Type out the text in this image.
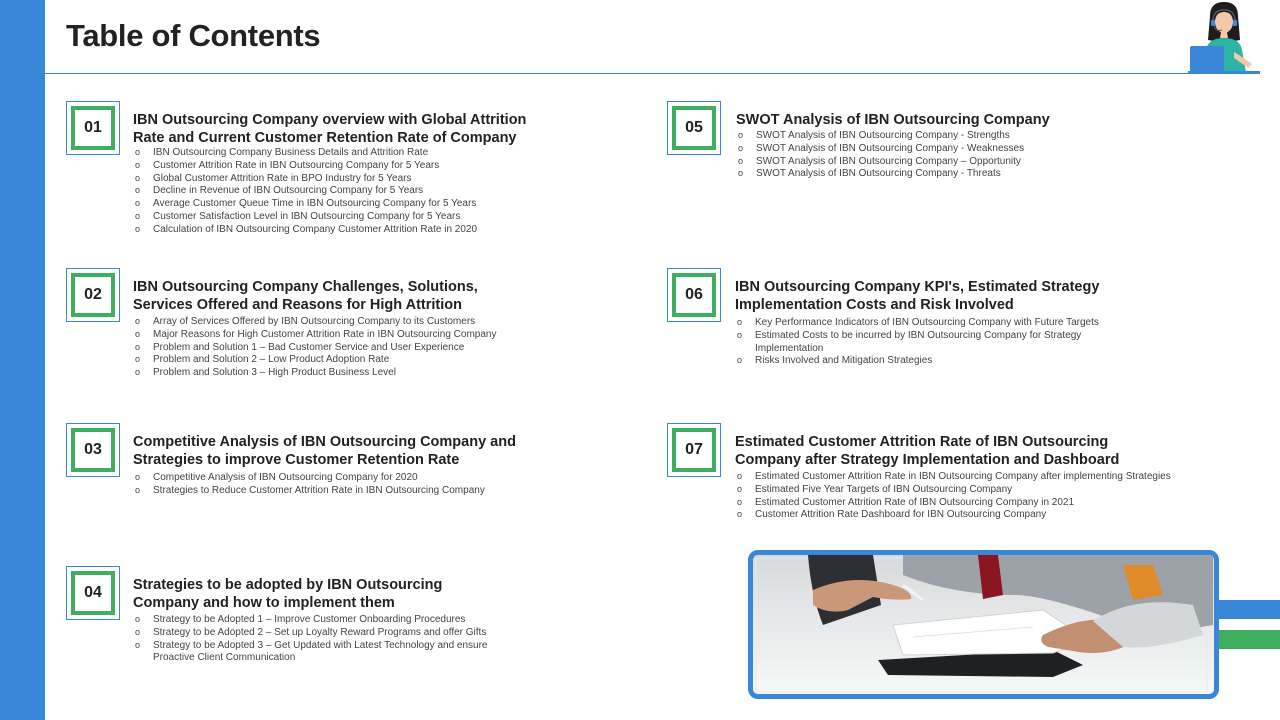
Table of Contents
01	IBN Outsourcing Company overview with Global Attrition Rate and Current Customer Retention Rate of Company
o IBN Outsourcing Company Business Details and Attrition Rate
o Customer Attrition Rate in IBN Outsourcing Company for 5 Years
o Global Customer Attrition Rate in BPO Industry for 5 Years
o Decline in Revenue of IBN Outsourcing Company for 5 Years
o Average Customer Queue Time in IBN Outsourcing Company for 5 Years
o Customer Satisfaction Level in IBN Outsourcing Company for 5 Years
o Calculation of IBN Outsourcing Company Customer Attrition Rate in 2020
02	IBN Outsourcing Company Challenges, Solutions, Services Offered and Reasons for High Attrition
o Array of Services Offered by IBN Outsourcing Company to its Customers
o Major Reasons for High Customer Attrition Rate in IBN Outsourcing Company
o Problem and Solution 1 – Bad Customer Service and User Experience
o Problem and Solution 2 – Low Product Adoption Rate
o Problem and Solution 3 – High Product Business Level
03	Competitive Analysis of IBN Outsourcing Company and Strategies to improve Customer Retention Rate
o Competitive Analysis of IBN Outsourcing Company for 2020
o Strategies to Reduce Customer Attrition Rate in IBN Outsourcing Company
04	Strategies to be adopted by IBN Outsourcing Company and how to implement them
o Strategy to be Adopted 1 – Improve Customer Onboarding Procedures
o Strategy to be Adopted 2 – Set up Loyalty Reward Programs and offer Gifts
o Strategy to be Adopted 3 – Get Updated with Latest Technology and ensure Proactive Client Communication
05	SWOT Analysis of IBN Outsourcing Company
o SWOT Analysis of IBN Outsourcing Company - Strengths
o SWOT Analysis of IBN Outsourcing Company - Weaknesses
o SWOT Analysis of IBN Outsourcing Company – Opportunity
o SWOT Analysis of IBN Outsourcing Company - Threats
06	IBN Outsourcing Company KPI's, Estimated Strategy Implementation Costs and Risk Involved
o Key Performance Indicators of IBN Outsourcing Company with Future Targets
o Estimated Costs to be incurred by IBN Outsourcing Company for Strategy Implementation
o Risks Involved and Mitigation Strategies
07	Estimated Customer Attrition Rate of IBN Outsourcing Company after Strategy Implementation and Dashboard
o Estimated Customer Attrition Rate in IBN Outsourcing Company after implementing Strategies
o Estimated Five Year Targets of IBN Outsourcing Company
o Estimated Customer Attrition Rate of IBN Outsourcing Company in 2021
o Customer Attrition Rate Dashboard for IBN Outsourcing Company
